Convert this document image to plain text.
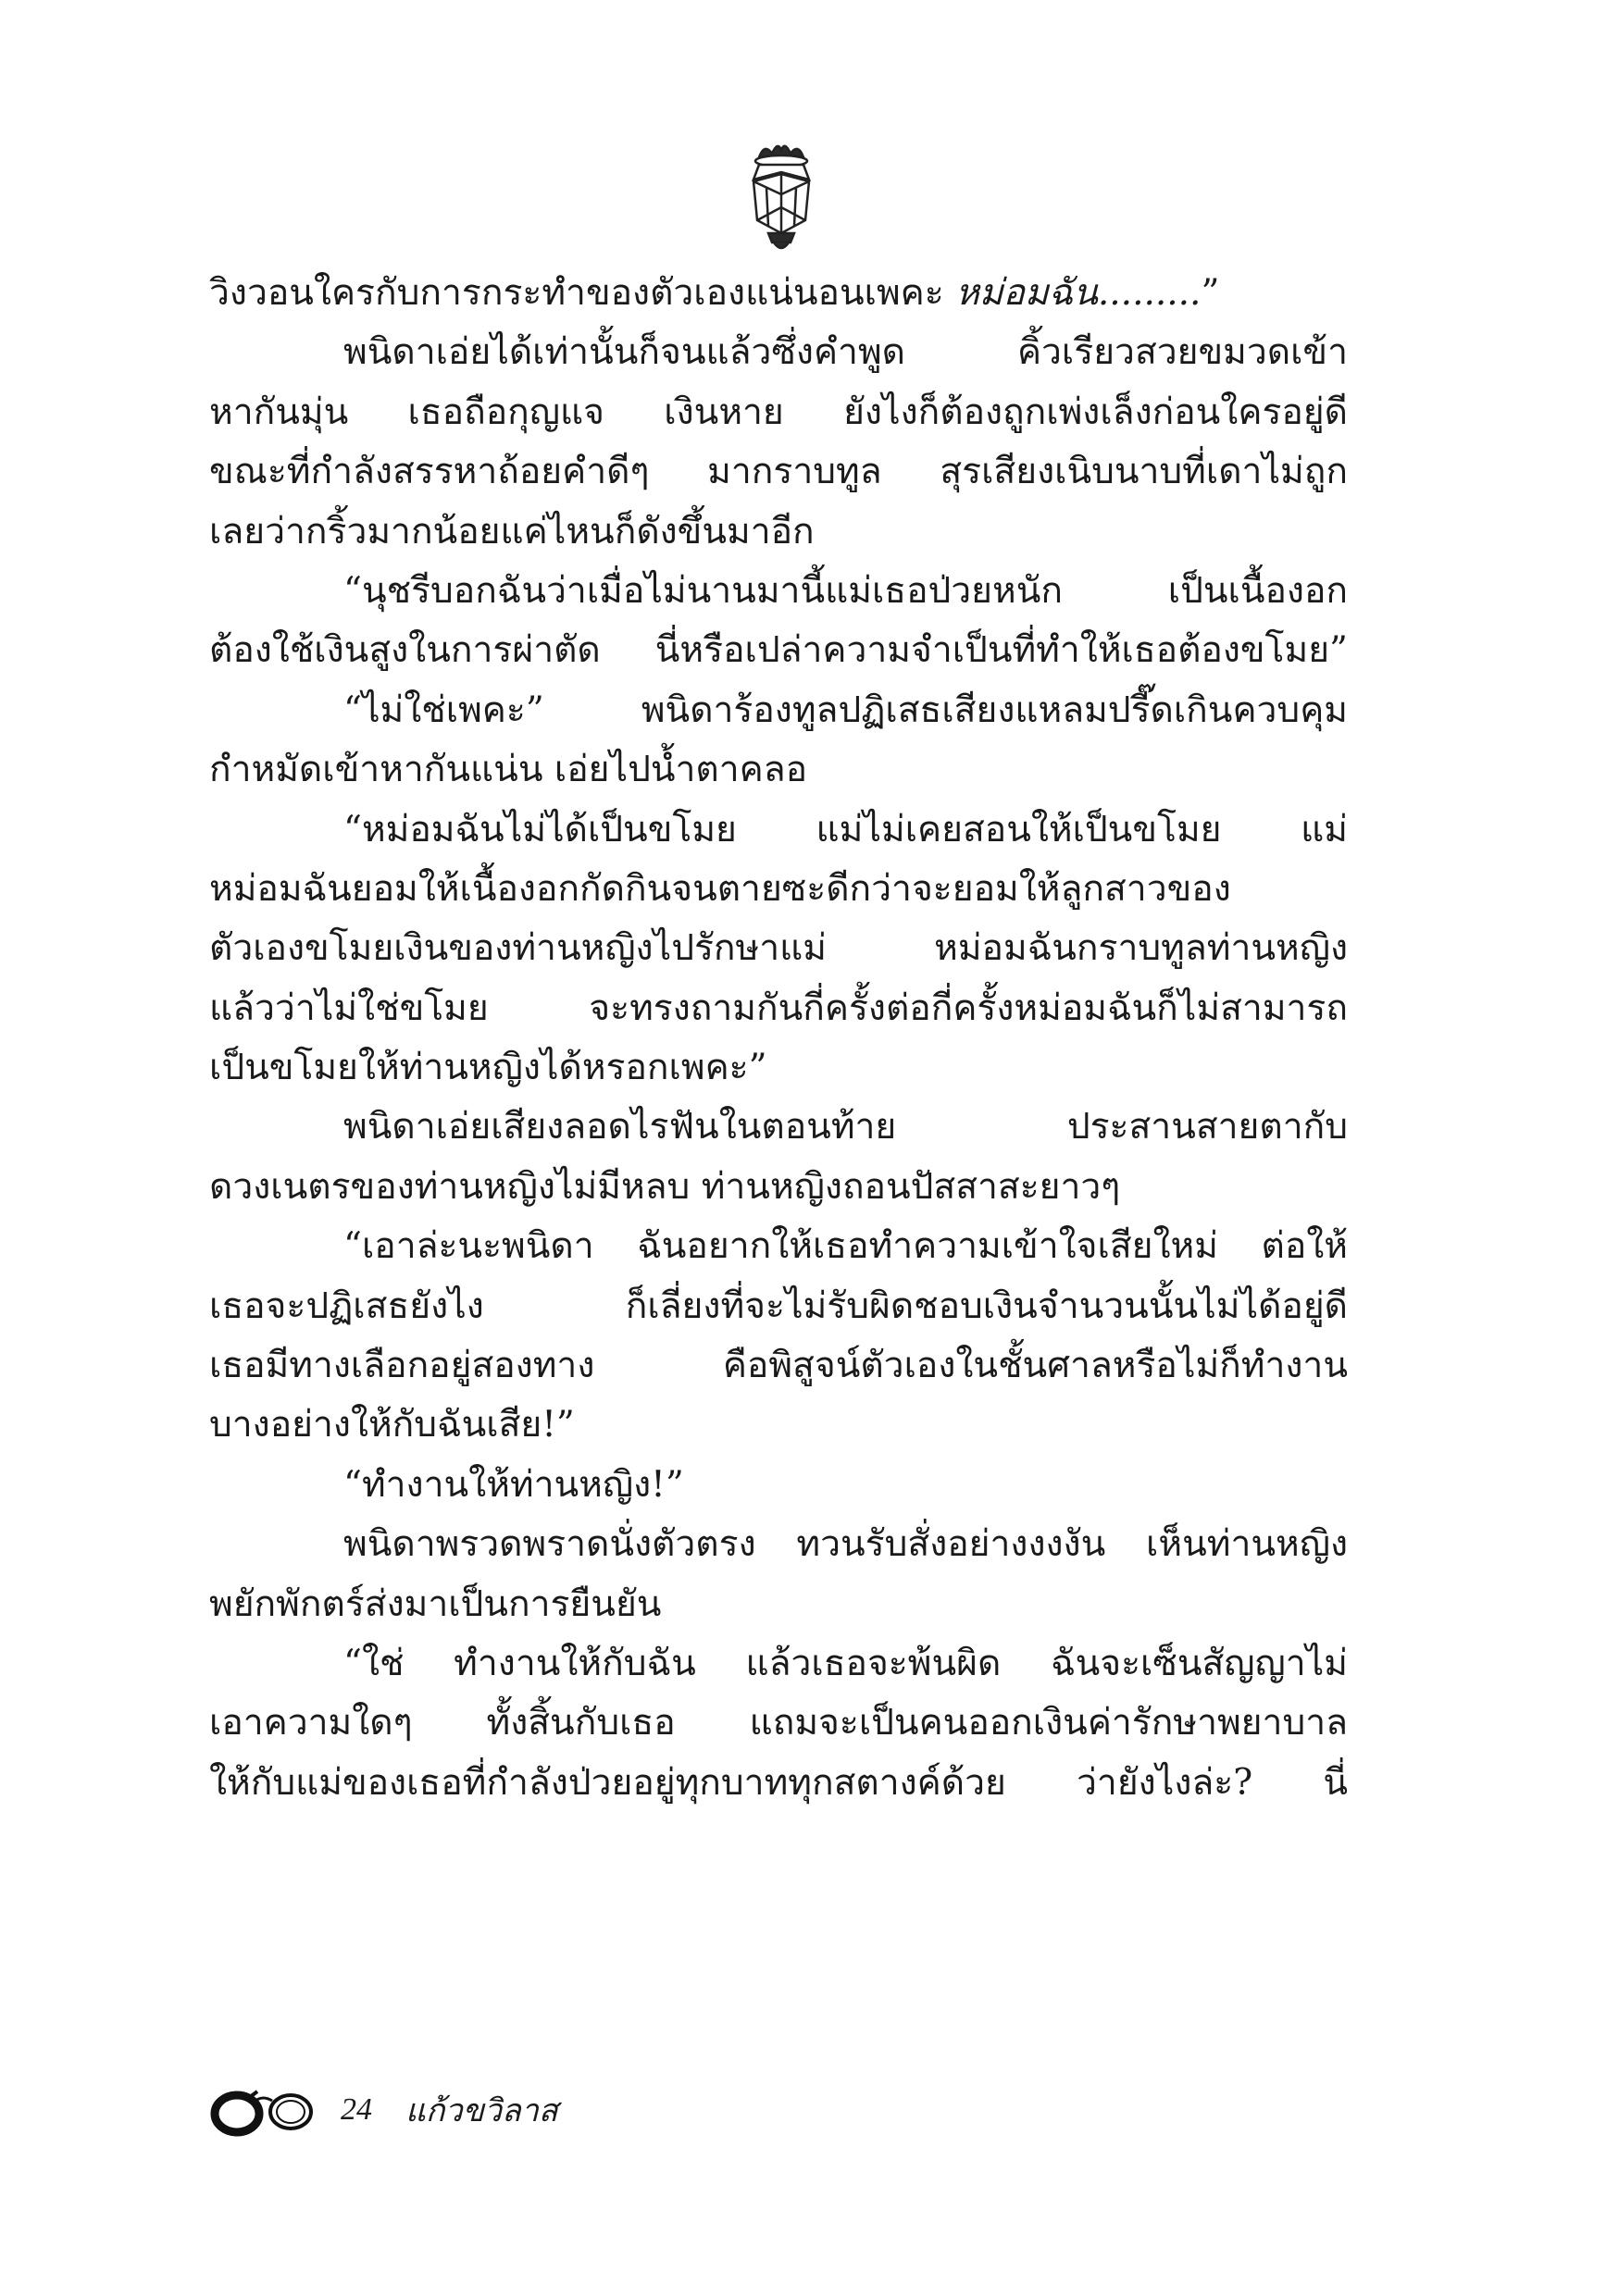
วิงวอนใครกับการกระทำของตัวเองแน่นอนเพคะ หม่อมฉัน.........”
พนิดาเอ่ยได้เท่านั้นก็จนแล้วซึ่งคำพูด คิ้วเรียวสวยขมวดเข้า
หากันมุ่น เธอถือกุญแจ เงินหาย ยังไงก็ต้องถูกเพ่งเล็งก่อนใครอยู่ดี
ขณะที่กำลังสรรหาถ้อยคำดีๆ มากราบทูล สุรเสียงเนิบนาบที่เดาไม่ถูก
เลยว่ากริ้วมากน้อยแค่ไหนก็ดังขึ้นมาอีก
“นุชรีบอกฉันว่าเมื่อไม่นานมานี้แม่เธอป่วยหนัก เป็นเนื้องอก
ต้องใช้เงินสูงในการผ่าตัด นี่หรือเปล่าความจำเป็นที่ทำให้เธอต้องขโมย”
“ไม่ใช่เพคะ” พนิดาร้องทูลปฏิเสธเสียงแหลมปรี๊ดเกินควบคุม
กำหมัดเข้าหากันแน่น เอ่ยไปน้ำตาคลอ
“หม่อมฉันไม่ได้เป็นขโมย แม่ไม่เคยสอนให้เป็นขโมย แม่
หม่อมฉันยอมให้เนื้องอกกัดกินจนตายซะดีกว่าจะยอมให้ลูกสาวของ
ตัวเองขโมยเงินของท่านหญิงไปรักษาแม่ หม่อมฉันกราบทูลท่านหญิง
แล้วว่าไม่ใช่ขโมย จะทรงถามกันกี่ครั้งต่อกี่ครั้งหม่อมฉันก็ไม่สามารถ
เป็นขโมยให้ท่านหญิงได้หรอกเพคะ”
พนิดาเอ่ยเสียงลอดไรฟันในตอนท้าย ประสานสายตากับ
ดวงเนตรของท่านหญิงไม่มีหลบ ท่านหญิงถอนปัสสาสะยาวๆ
“เอาล่ะนะพนิดา ฉันอยากให้เธอทำความเข้าใจเสียใหม่ ต่อให้
เธอจะปฏิเสธยังไง ก็เลี่ยงที่จะไม่รับผิดชอบเงินจำนวนนั้นไม่ได้อยู่ดี
เธอมีทางเลือกอยู่สองทาง คือพิสูจน์ตัวเองในชั้นศาลหรือไม่ก็ทำงาน
บางอย่างให้กับฉันเสีย!”
“ทำงานให้ท่านหญิง!”
พนิดาพรวดพราดนั่งตัวตรง ทวนรับสั่งอย่างงงงัน เห็นท่านหญิง
พยักพักตร์ส่งมาเป็นการยืนยัน
“ใช่ ทำงานให้กับฉัน แล้วเธอจะพ้นผิด ฉันจะเซ็นสัญญาไม่
เอาความใดๆ ทั้งสิ้นกับเธอ แถมจะเป็นคนออกเงินค่ารักษาพยาบาล
ให้กับแม่ของเธอที่กำลังป่วยอยู่ทุกบาททุกสตางค์ด้วย ว่ายังไงล่ะ? นี่
24 แก้วขวิลาส
